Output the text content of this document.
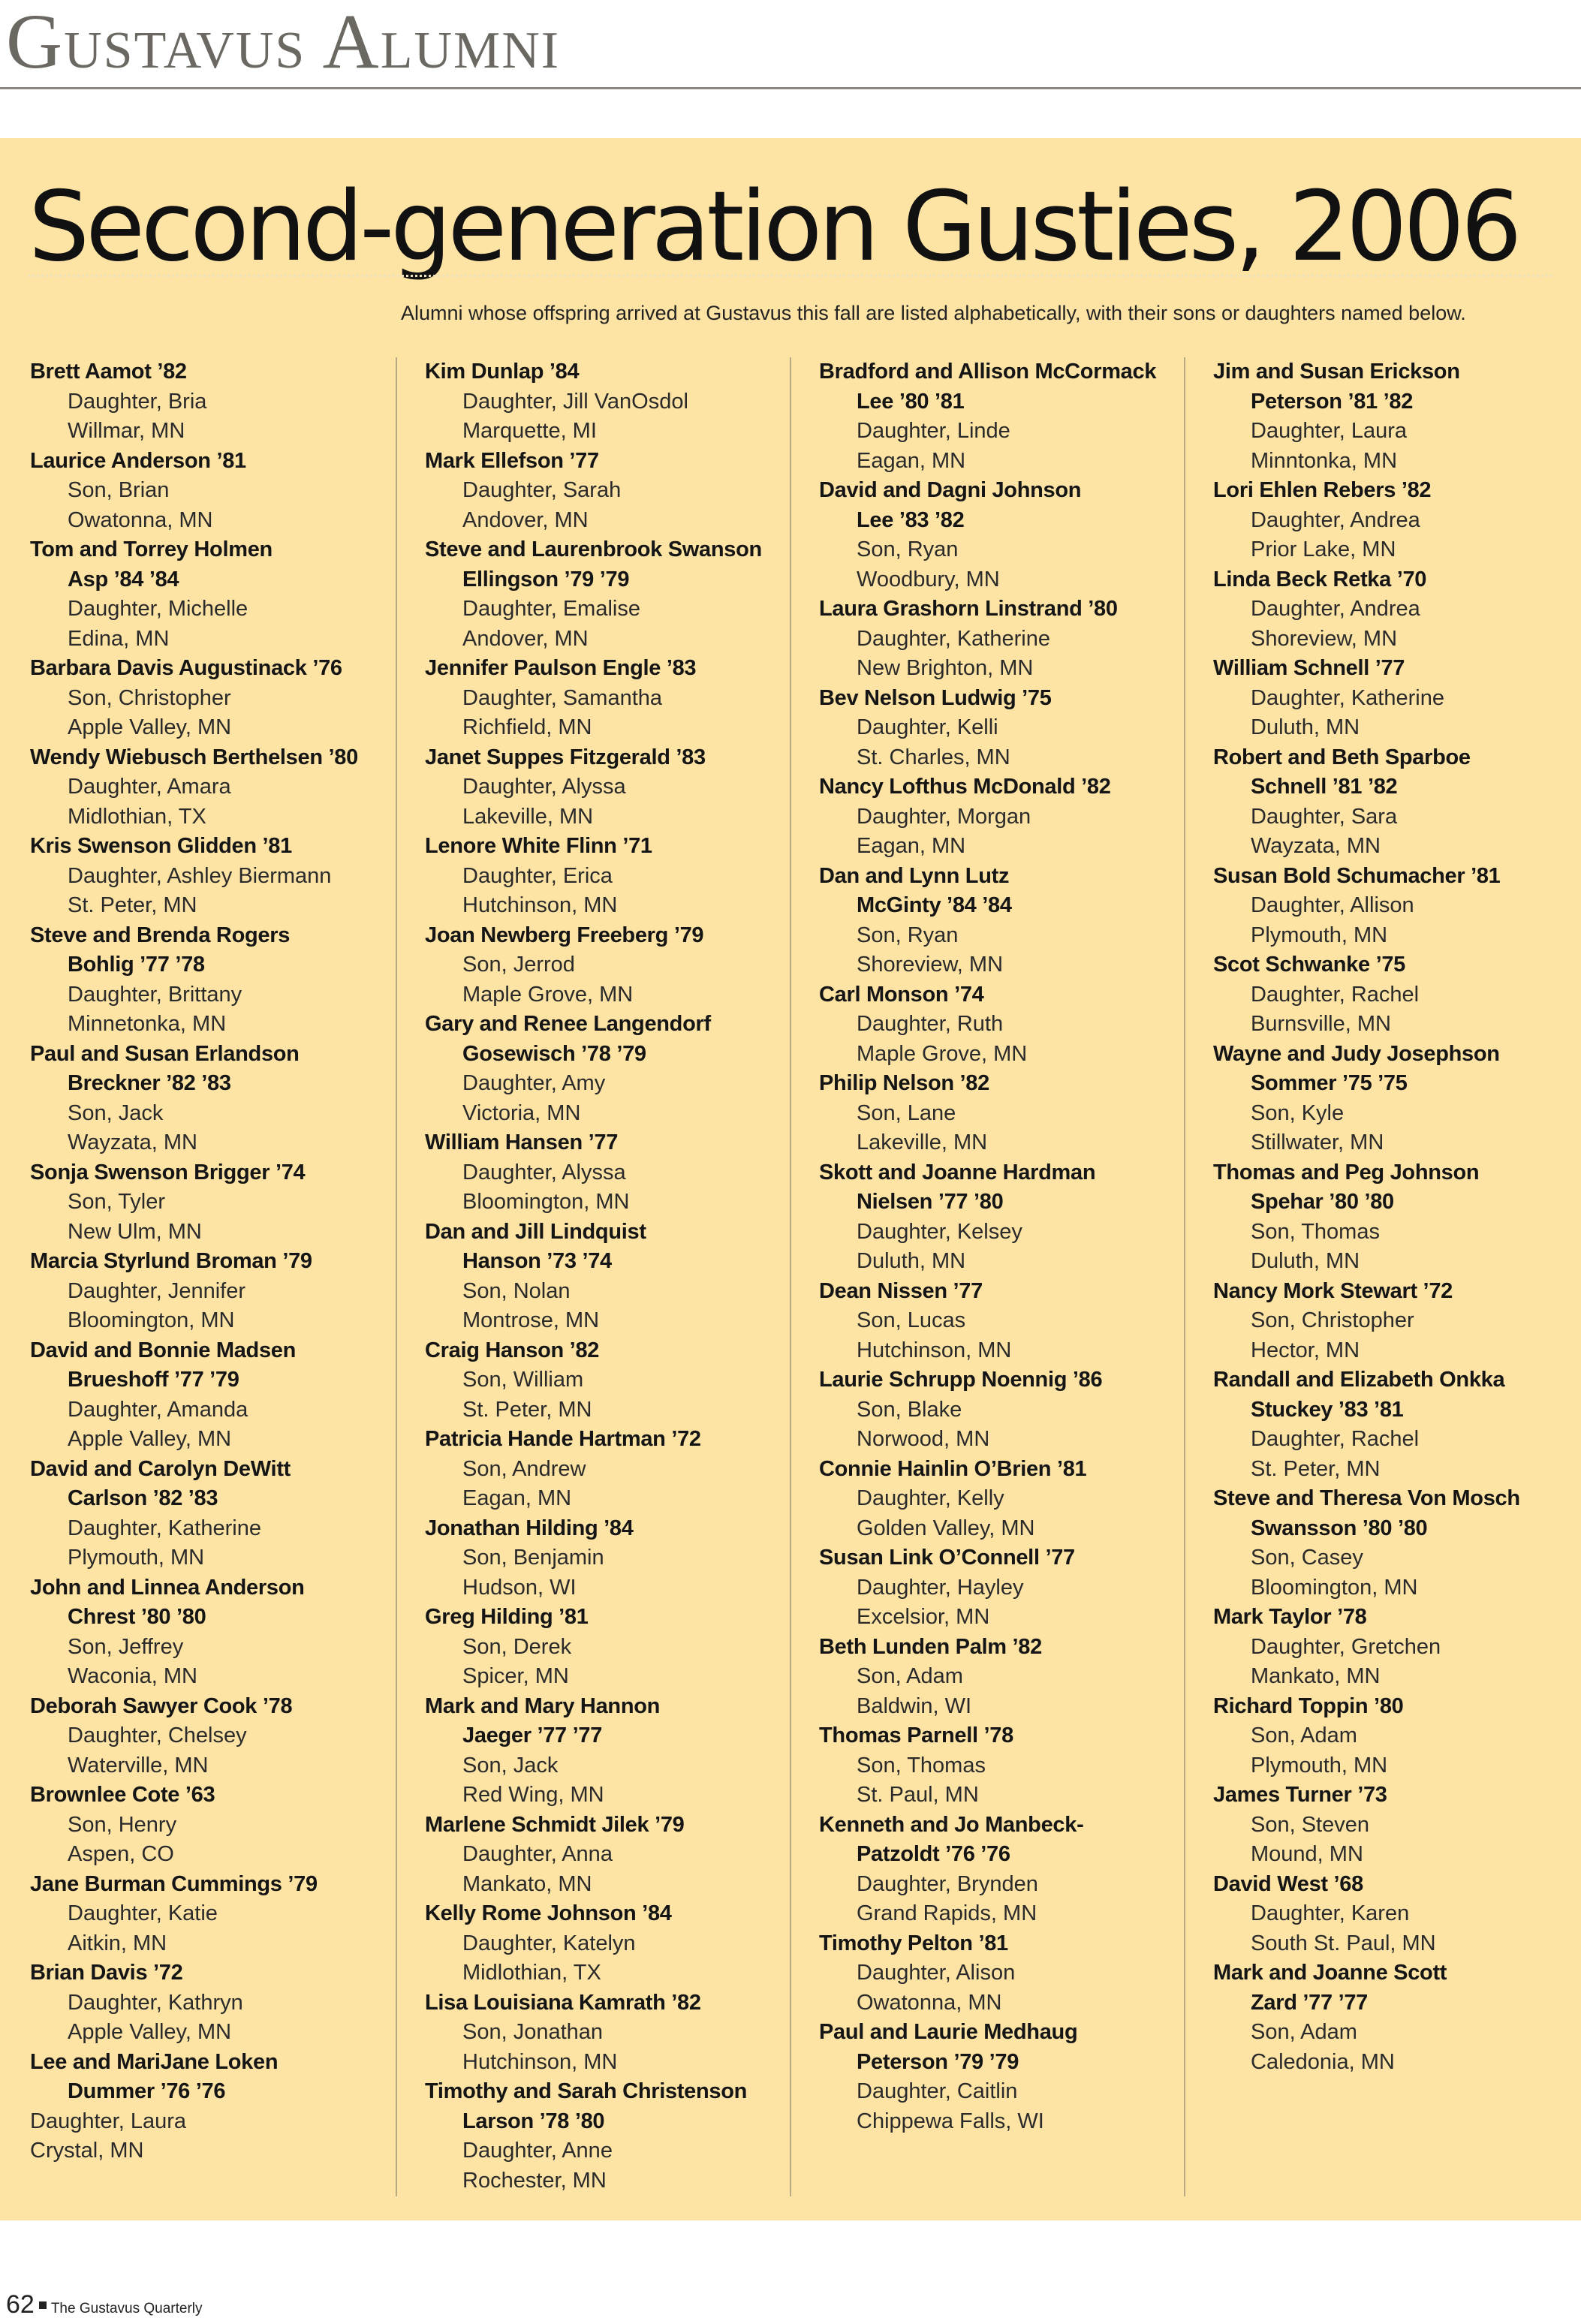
GUSTAVUS ALUMNI
Second-generation Gusties, 2006
Alumni whose offspring arrived at Gustavus this fall are listed alphabetically, with their sons or daughters named below.
Brett Aamot ’82
Daughter, Bria
Willmar, MN
Laurice Anderson ’81
Son, Brian
Owatonna, MN
Tom and Torrey Holmen
Asp ’84 ’84
Daughter, Michelle
Edina, MN
Barbara Davis Augustinack ’76
Son, Christopher
Apple Valley, MN
Wendy Wiebusch Berthelsen ’80
Daughter, Amara
Midlothian, TX
Kris Swenson Glidden ’81
Daughter, Ashley Biermann
St. Peter, MN
Steve and Brenda Rogers
Bohlig ’77 ’78
Daughter, Brittany
Minnetonka, MN
Paul and Susan Erlandson
Breckner ’82 ’83
Son, Jack
Wayzata, MN
Sonja Swenson Brigger ’74
Son, Tyler
New Ulm, MN
Marcia Styrlund Broman ’79
Daughter, Jennifer
Bloomington, MN
David and Bonnie Madsen
Brueshoff ’77 ’79
Daughter, Amanda
Apple Valley, MN
David and Carolyn DeWitt
Carlson ’82 ’83
Daughter, Katherine
Plymouth, MN
John and Linnea Anderson
Chrest ’80 ’80
Son, Jeffrey
Waconia, MN
Deborah Sawyer Cook ’78
Daughter, Chelsey
Waterville, MN
Brownlee Cote ’63
Son, Henry
Aspen, CO
Jane Burman Cummings ’79
Daughter, Katie
Aitkin, MN
Brian Davis ’72
Daughter, Kathryn
Apple Valley, MN
Lee and MariJane Loken
Dummer ’76 ’76
Daughter, Laura
Crystal, MN
Kim Dunlap ’84
Daughter, Jill VanOsdol
Marquette, MI
Mark Ellefson ’77
Daughter, Sarah
Andover, MN
Steve and Laurenbrook Swanson
Ellingson ’79 ’79
Daughter, Emalise
Andover, MN
Jennifer Paulson Engle ’83
Daughter, Samantha
Richfield, MN
Janet Suppes Fitzgerald ’83
Daughter, Alyssa
Lakeville, MN
Lenore White Flinn ’71
Daughter, Erica
Hutchinson, MN
Joan Newberg Freeberg ’79
Son, Jerrod
Maple Grove, MN
Gary and Renee Langendorf
Gosewisch ’78 ’79
Daughter, Amy
Victoria, MN
William Hansen ’77
Daughter, Alyssa
Bloomington, MN
Dan and Jill Lindquist
Hanson ’73 ’74
Son, Nolan
Montrose, MN
Craig Hanson ’82
Son, William
St. Peter, MN
Patricia Hande Hartman ’72
Son, Andrew
Eagan, MN
Jonathan Hilding ’84
Son, Benjamin
Hudson, WI
Greg Hilding ’81
Son, Derek
Spicer, MN
Mark and Mary Hannon
Jaeger ’77 ’77
Son, Jack
Red Wing, MN
Marlene Schmidt Jilek ’79
Daughter, Anna
Mankato, MN
Kelly Rome Johnson ’84
Daughter, Katelyn
Midlothian, TX
Lisa Louisiana Kamrath ’82
Son, Jonathan
Hutchinson, MN
Timothy and Sarah Christenson
Larson ’78 ’80
Daughter, Anne
Rochester, MN
Bradford and Allison McCormack
Lee ’80 ’81
Daughter, Linde
Eagan, MN
David and Dagni Johnson
Lee ’83 ’82
Son, Ryan
Woodbury, MN
Laura Grashorn Linstrand ’80
Daughter, Katherine
New Brighton, MN
Bev Nelson Ludwig ’75
Daughter, Kelli
St. Charles, MN
Nancy Lofthus McDonald ’82
Daughter, Morgan
Eagan, MN
Dan and Lynn Lutz
McGinty ’84 ’84
Son, Ryan
Shoreview, MN
Carl Monson ’74
Daughter, Ruth
Maple Grove, MN
Philip Nelson ’82
Son, Lane
Lakeville, MN
Skott and Joanne Hardman
Nielsen ’77 ’80
Daughter, Kelsey
Duluth, MN
Dean Nissen ’77
Son, Lucas
Hutchinson, MN
Laurie Schrupp Noennig ’86
Son, Blake
Norwood, MN
Connie Hainlin O’Brien ’81
Daughter, Kelly
Golden Valley, MN
Susan Link O’Connell ’77
Daughter, Hayley
Excelsior, MN
Beth Lunden Palm ’82
Son, Adam
Baldwin, WI
Thomas Parnell ’78
Son, Thomas
St. Paul, MN
Kenneth and Jo Manbeck-
Patzoldt ’76 ’76
Daughter, Brynden
Grand Rapids, MN
Timothy Pelton ’81
Daughter, Alison
Owatonna, MN
Paul and Laurie Medhaug
Peterson ’79 ’79
Daughter, Caitlin
Chippewa Falls, WI
Jim and Susan Erickson
Peterson ’81 ’82
Daughter, Laura
Minntonka, MN
Lori Ehlen Rebers ’82
Daughter, Andrea
Prior Lake, MN
Linda Beck Retka ’70
Daughter, Andrea
Shoreview, MN
William Schnell ’77
Daughter, Katherine
Duluth, MN
Robert and Beth Sparboe
Schnell ’81 ’82
Daughter, Sara
Wayzata, MN
Susan Bold Schumacher ’81
Daughter, Allison
Plymouth, MN
Scot Schwanke ’75
Daughter, Rachel
Burnsville, MN
Wayne and Judy Josephson
Sommer ’75 ’75
Son, Kyle
Stillwater, MN
Thomas and Peg Johnson
Spehar ’80 ’80
Son, Thomas
Duluth, MN
Nancy Mork Stewart ’72
Son, Christopher
Hector, MN
Randall and Elizabeth Onkka
Stuckey ’83 ’81
Daughter, Rachel
St. Peter, MN
Steve and Theresa Von Mosch
Swansson ’80 ’80
Son, Casey
Bloomington, MN
Mark Taylor ’78
Daughter, Gretchen
Mankato, MN
Richard Toppin ’80
Son, Adam
Plymouth, MN
James Turner ’73
Son, Steven
Mound, MN
David West ’68
Daughter, Karen
South St. Paul, MN
Mark and Joanne Scott
Zard ’77 ’77
Son, Adam
Caledonia, MN
62 The Gustavus Quarterly
